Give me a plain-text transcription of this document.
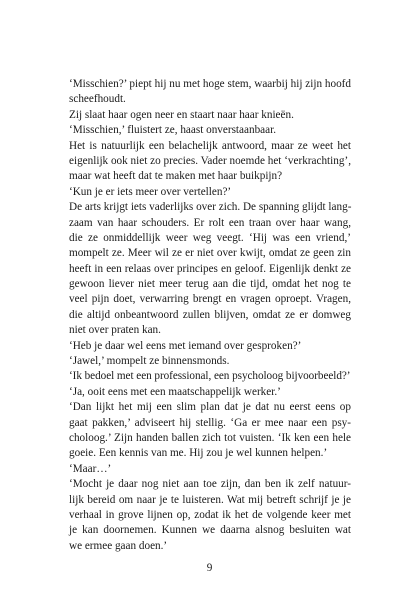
‘Misschien?’ piept hij nu met hoge stem, waarbij hij zijn hoofd
scheefhoudt.
Zij slaat haar ogen neer en staart naar haar knieën.
‘Misschien,’ fluistert ze, haast onverstaanbaar.
Het is natuurlijk een belachelijk antwoord, maar ze weet het
eigenlijk ook niet zo precies. Vader noemde het ‘verkrachting’,
maar wat heeft dat te maken met haar buikpijn?
‘Kun je er iets meer over vertellen?’
De arts krijgt iets vaderlijks over zich. De spanning glijdt lang-
zaam van haar schouders. Er rolt een traan over haar wang,
die ze onmiddellijk weer weg veegt. ‘Hij was een vriend,’
mompelt ze. Meer wil ze er niet over kwijt, omdat ze geen zin
heeft in een relaas over principes en geloof. Eigenlijk denkt ze
gewoon liever niet meer terug aan die tijd, omdat het nog te
veel pijn doet, verwarring brengt en vragen oproept. Vragen,
die altijd onbeantwoord zullen blijven, omdat ze er domweg
niet over praten kan.
‘Heb je daar wel eens met iemand over gesproken?’
‘Jawel,’ mompelt ze binnensmonds.
‘Ik bedoel met een professional, een psycholoog bijvoorbeeld?’
‘Ja, ooit eens met een maatschappelijk werker.’
‘Dan lijkt het mij een slim plan dat je dat nu eerst eens op
gaat pakken,’ adviseert hij stellig. ‘Ga er mee naar een psy-
choloog.’ Zijn handen ballen zich tot vuisten. ‘Ik ken een hele
goeie. Een kennis van me. Hij zou je wel kunnen helpen.’
‘Maar…’
‘Mocht je daar nog niet aan toe zijn, dan ben ik zelf natuur-
lijk bereid om naar je te luisteren. Wat mij betreft schrijf je je
verhaal in grove lijnen op, zodat ik het de volgende keer met
je kan doornemen. Kunnen we daarna alsnog besluiten wat
we ermee gaan doen.’
9
